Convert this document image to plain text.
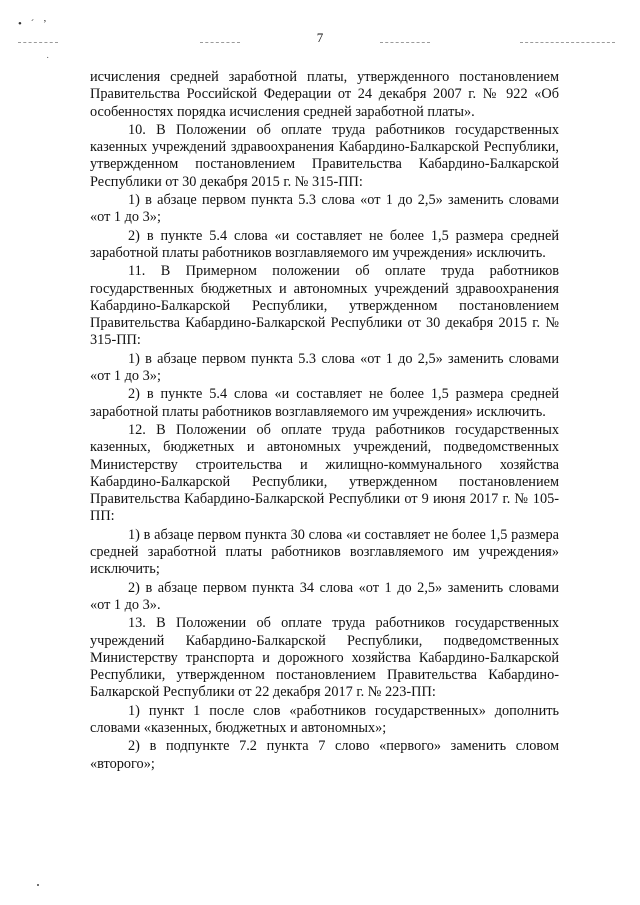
• ´ ʼ
˙
7

исчисления средней заработной платы, утвержденного постановлением Правительства Российской Федерации от 24 декабря 2007 г. № 922 «Об особенностях порядка исчисления средней заработной платы».

10. В Положении об оплате труда работников государственных казенных учреждений здравоохранения Кабардино-Балкарской Республики, утвержденном постановлением Правительства Кабардино-Балкарской Республики от 30 декабря 2015 г. № 315-ПП:

1) в абзаце первом пункта 5.3 слова «от 1 до 2,5» заменить словами «от 1 до 3»;

2) в пункте 5.4 слова «и составляет не более 1,5 размера средней заработной платы работников возглавляемого им учреждения» исключить.

11. В Примерном положении об оплате труда работников государственных бюджетных и автономных учреждений здравоохранения Кабардино-Балкарской Республики, утвержденном постановлением Правительства Кабардино-Балкарской Республики от 30 декабря 2015 г. № 315-ПП:

1) в абзаце первом пункта 5.3 слова «от 1 до 2,5» заменить словами «от 1 до 3»;

2) в пункте 5.4 слова «и составляет не более 1,5 размера средней заработной платы работников возглавляемого им учреждения» исключить.

12. В Положении об оплате труда работников государственных казенных, бюджетных и автономных учреждений, подведомственных Министерству строительства и жилищно-коммунального хозяйства Кабардино-Балкарской Республики, утвержденном постановлением Правительства Кабардино-Балкарской Республики от 9 июня 2017 г. № 105-ПП:

1) в абзаце первом пункта 30 слова «и составляет не более 1,5 размера средней заработной платы работников возглавляемого им учреждения» исключить;

2) в абзаце первом пункта 34 слова «от 1 до 2,5» заменить словами «от 1 до 3».

13. В Положении об оплате труда работников государственных учреждений Кабардино-Балкарской Республики, подведомственных Министерству транспорта и дорожного хозяйства Кабардино-Балкарской Республики, утвержденном постановлением Правительства Кабардино-Балкарской Республики от 22 декабря 2017 г. № 223-ПП:

1) пункт 1 после слов «работников государственных» дополнить словами «казенных, бюджетных и автономных»;

2) в подпункте 7.2 пункта 7 слово «первого» заменить словом «второго»;
